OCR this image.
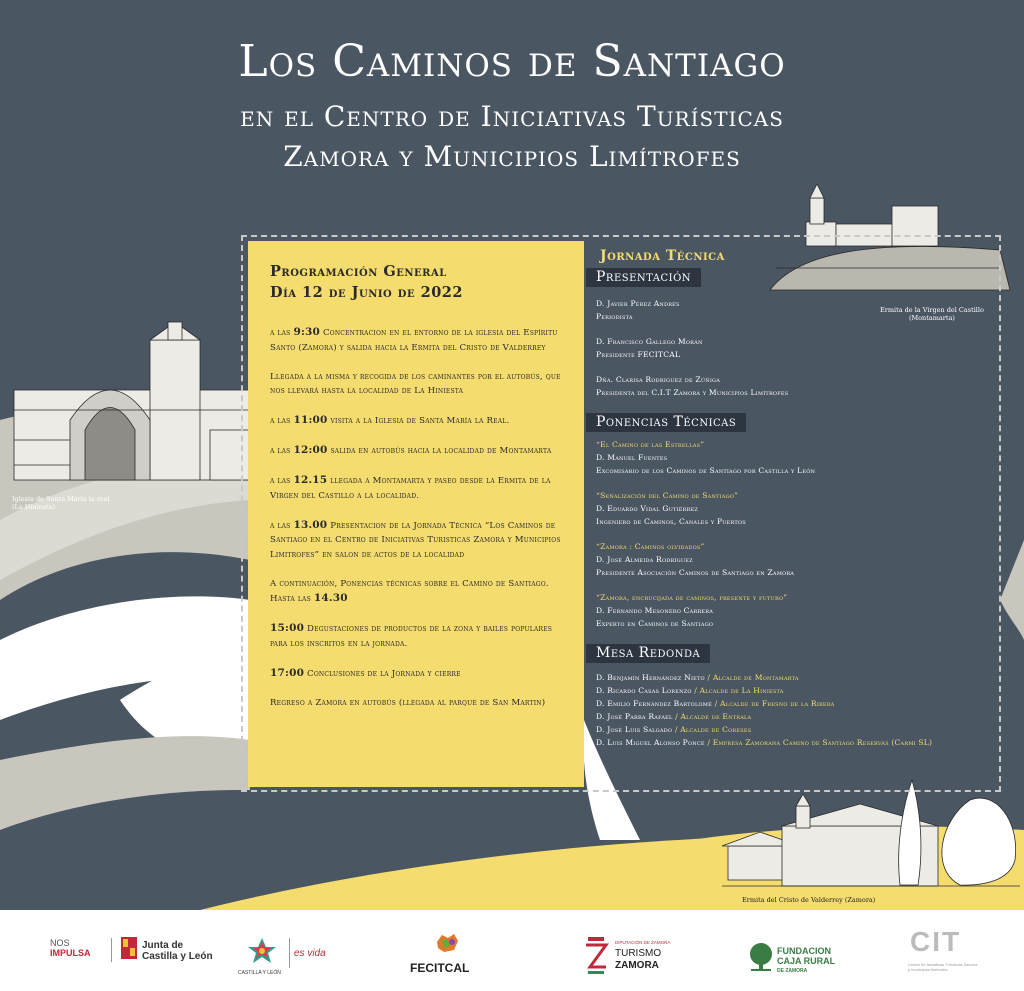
Los Caminos de Santiago
en el Centro de Iniciativas Turísticas
Zamora y Municipios Limítrofes
Programación General
Día 12 de Junio de 2022
a las 9:30 Concentracion en el entorno de la iglesia del Espíritu Santo (Zamora) y salida hacia la Ermita del Cristo de Valderrey
Llegada a la misma y recogida de los caminantes por el autobús, que nos llevará hasta la localidad de La Hiniesta
a las 11:00 visita a la Iglesia de Santa María la Real.
a las 12:00 salida en autobús hacia la localidad de Montamarta
a las 12.15 llegada a Montamarta y paseo desde la Ermita de la Virgen del Castillo a la localidad.
a las 13.00 Presentacion de la Jornada Técnica “Los Caminos de Santiago en el Centro de Iniciativas Turisticas Zamora y Municipios Limitrofes” en salon de actos de la localidad
A continuación, Ponencias técnicas sobre el Camino de Santiago. Hasta las 14.30
15:00 Degustaciones de productos de la zona y bailes populares para los inscritos en la jornada.
17:00 Conclusiones de la Jornada y cierre
Regreso a Zamora en autobús (llegada al parque de San Martin)
Jornada Técnica
Presentación
D. Javier Pérez Andrés
Periodista
D. Francisco Gallego Morán
Presidente FECITCAL
Dña. Clarisa Rodriguez de Zúñiga
Presidenta del C.I.T Zamora y Municipios Limítrofes
Ponencias Técnicas
“El Camino de las Estrellas”
D. Manuel Fuentes
Excomisario de los Caminos de Santiago por Castilla y León
“Señalización del Camino de Santiago”
D. Eduardo Vidal Gutiérrez
Ingeniero de Caminos, Canales y Puertos
“Zamora : Caminos olvidados”
D. José Almeida Rodríguez
Presidente Asociación Caminos de Santiago en Zamora
“Zamora, encrucijada de caminos, presente y futuro”
D. Fernando Mesonero Carrera
Experto en Caminos de Santiago
Mesa Redonda
D. Benjamín Hernández Nieto / Alcalde de Montamarta
D. Ricardo Casas Lorenzo / Alcalde de La Hiniesta
D. Emilio Fernández Bartolomé / Alcalde de Fresno de la Ribera
D. José Parra Rafael / Alcalde de Entrala
D. José Luis Salgado / Alcalde de Coreses
D. Luis Miguel Alonso Ponce / Empresa Zamorana Camino de Santiago Reservas (Carmi SL)
Iglesia de Santa María la real
(La Hiniesta)
Ermita de la Virgen del Castillo
(Montamarta)
Ermita del Cristo de Valderrey (Zamora)
NOS
IMPULSA
Junta de
Castilla y León
CASTILLA Y LEÓN
es vida
FECITCAL
DIPUTACIÓN DE ZAMORA
TURISMO
ZAMORA
FUNDACION
CAJA RURAL
DE ZAMORA
CIT
Centro de Iniciativas Turísticas Zamora y municipios limítrofes
